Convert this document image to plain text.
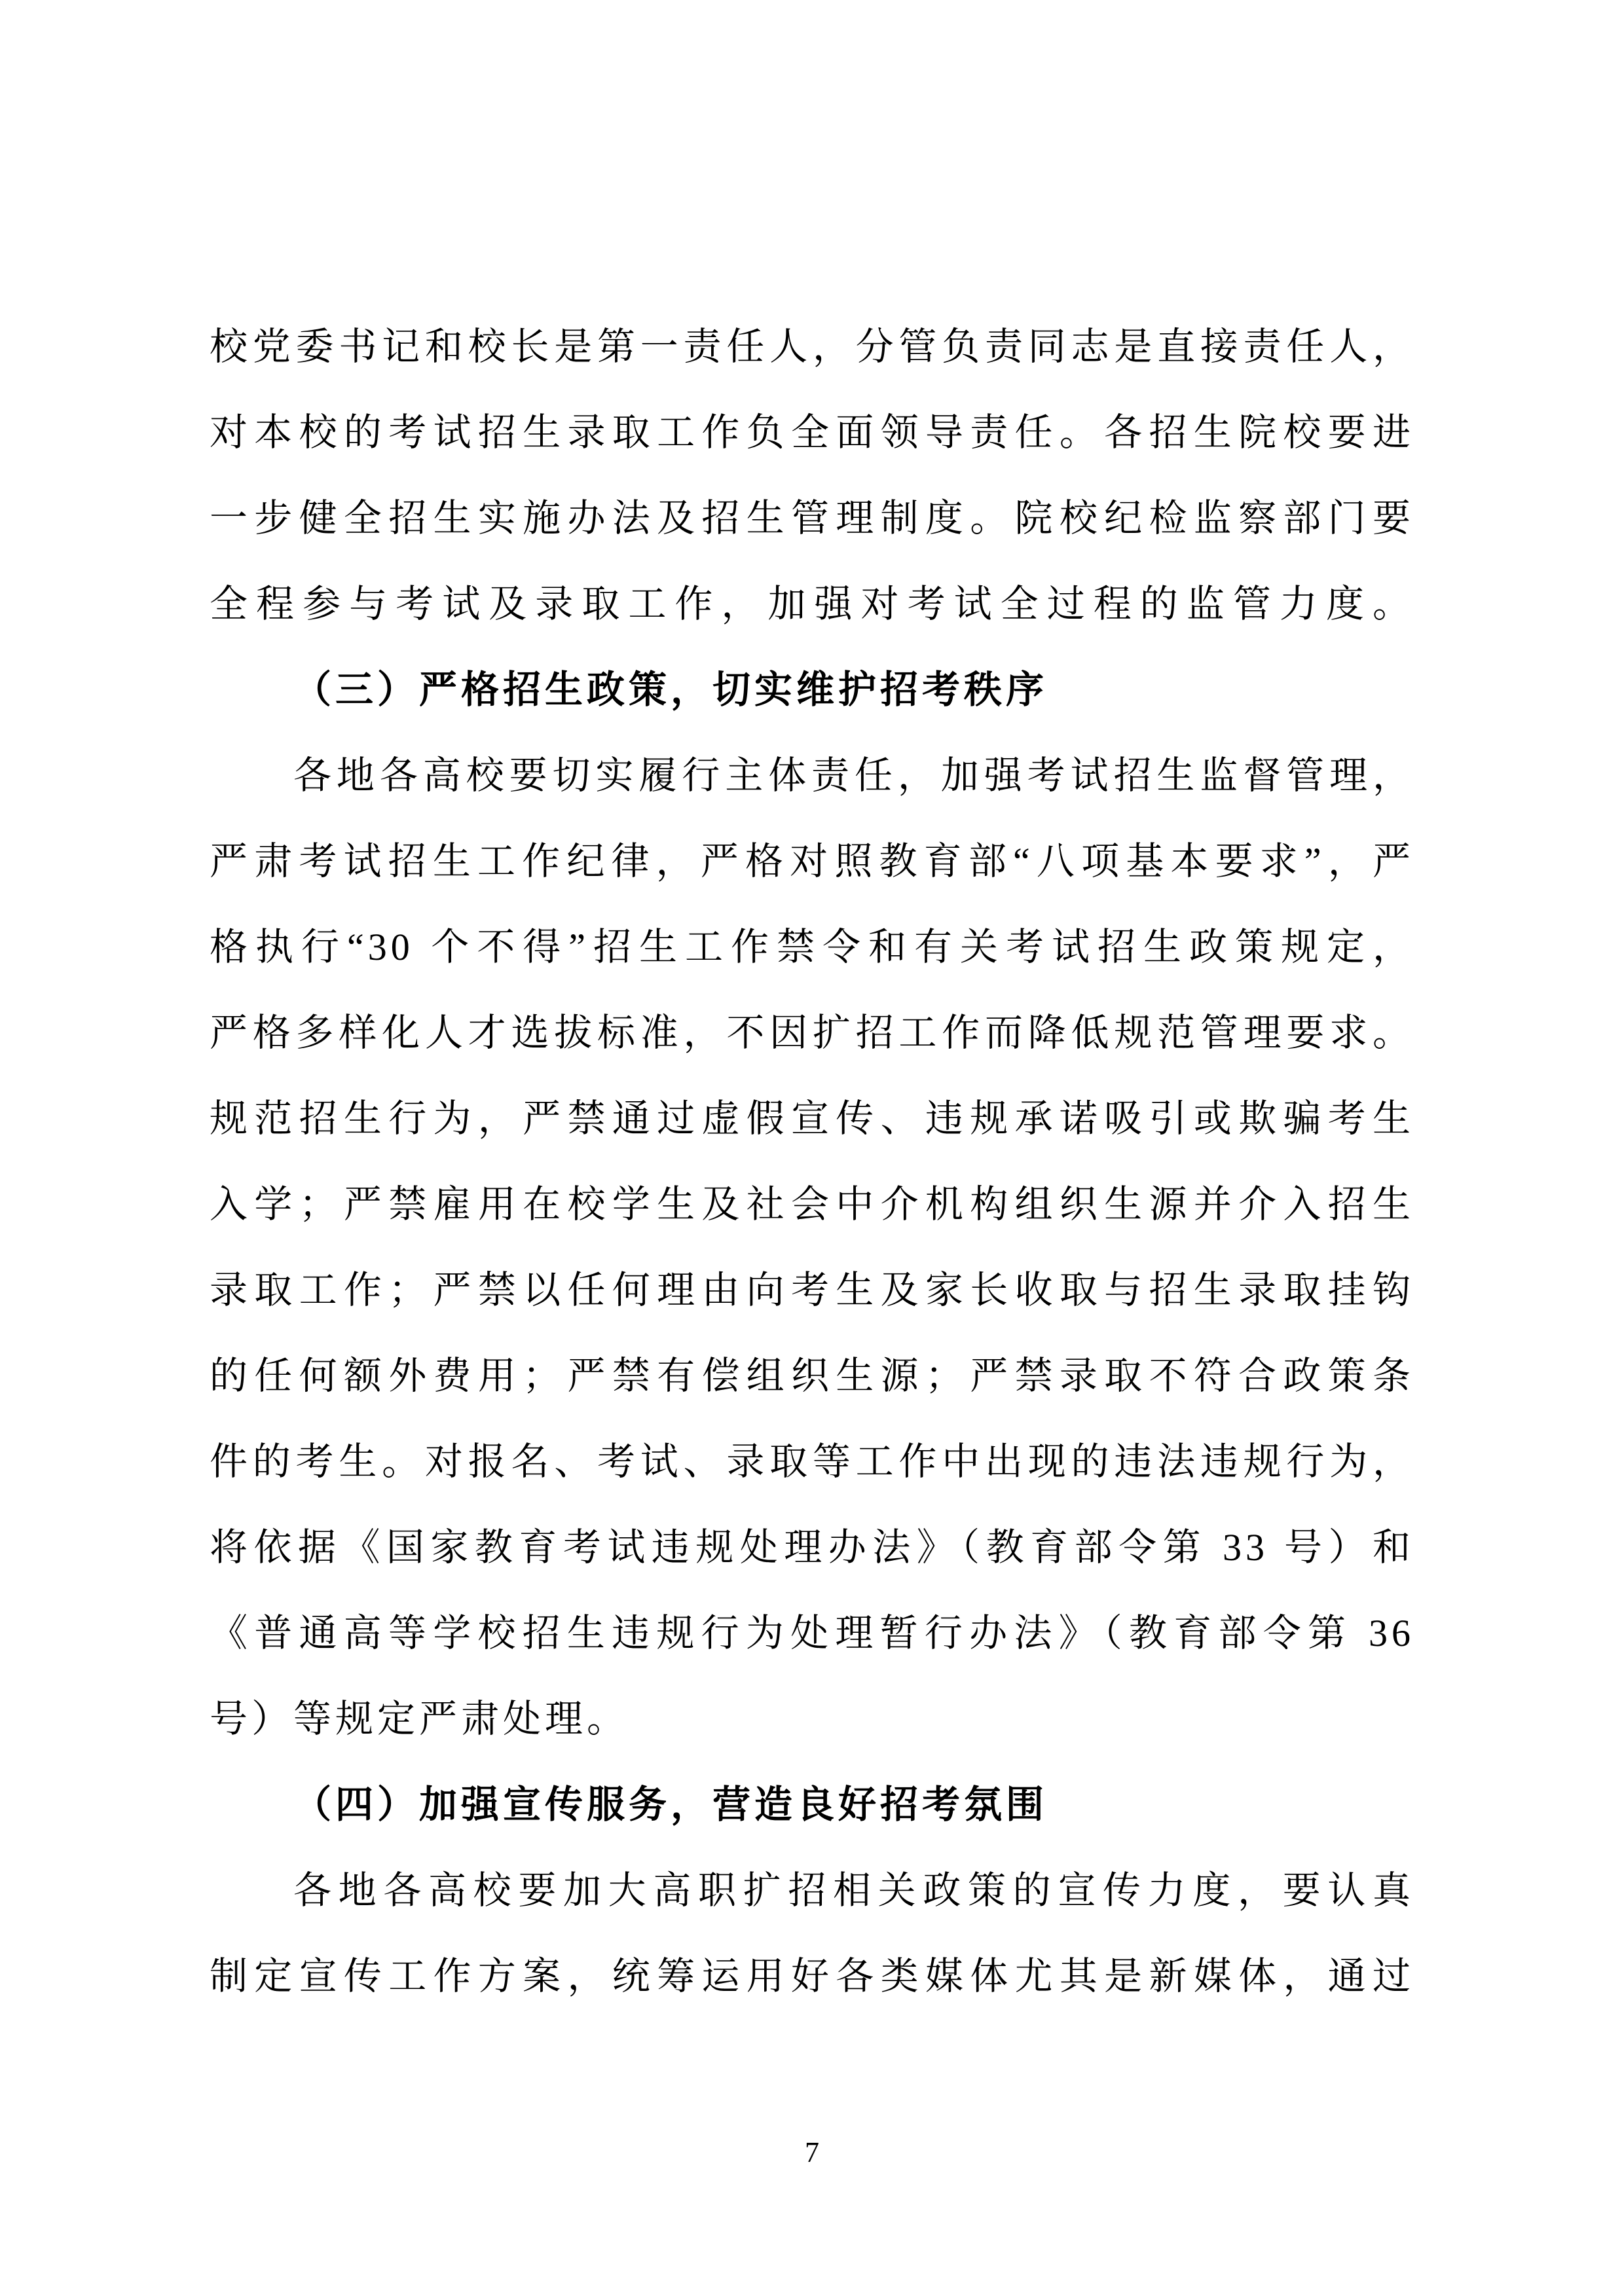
校党委书记和校长是第一责任人，分管负责同志是直接责任人，
对本校的考试招生录取工作负全面领导责任。各招生院校要进
一步健全招生实施办法及招生管理制度。院校纪检监察部门要
全程参与考试及录取工作，加强对考试全过程的监管力度。
（三）严格招生政策，切实维护招考秩序
各地各高校要切实履行主体责任，加强考试招生监督管理，
严肃考试招生工作纪律，严格对照教育部“八项基本要求”，严
格执行“30 个不得”招生工作禁令和有关考试招生政策规定，
严格多样化人才选拔标准，不因扩招工作而降低规范管理要求。
规范招生行为，严禁通过虚假宣传、违规承诺吸引或欺骗考生
入学；严禁雇用在校学生及社会中介机构组织生源并介入招生
录取工作；严禁以任何理由向考生及家长收取与招生录取挂钩
的任何额外费用；严禁有偿组织生源；严禁录取不符合政策条
件的考生。对报名、考试、录取等工作中出现的违法违规行为，
将依据《国家教育考试违规处理办法》（教育部令第 33 号）和
《普通高等学校招生违规行为处理暂行办法》（教育部令第 36
号）等规定严肃处理。
（四）加强宣传服务，营造良好招考氛围
各地各高校要加大高职扩招相关政策的宣传力度，要认真
制定宣传工作方案，统筹运用好各类媒体尤其是新媒体，通过
7
